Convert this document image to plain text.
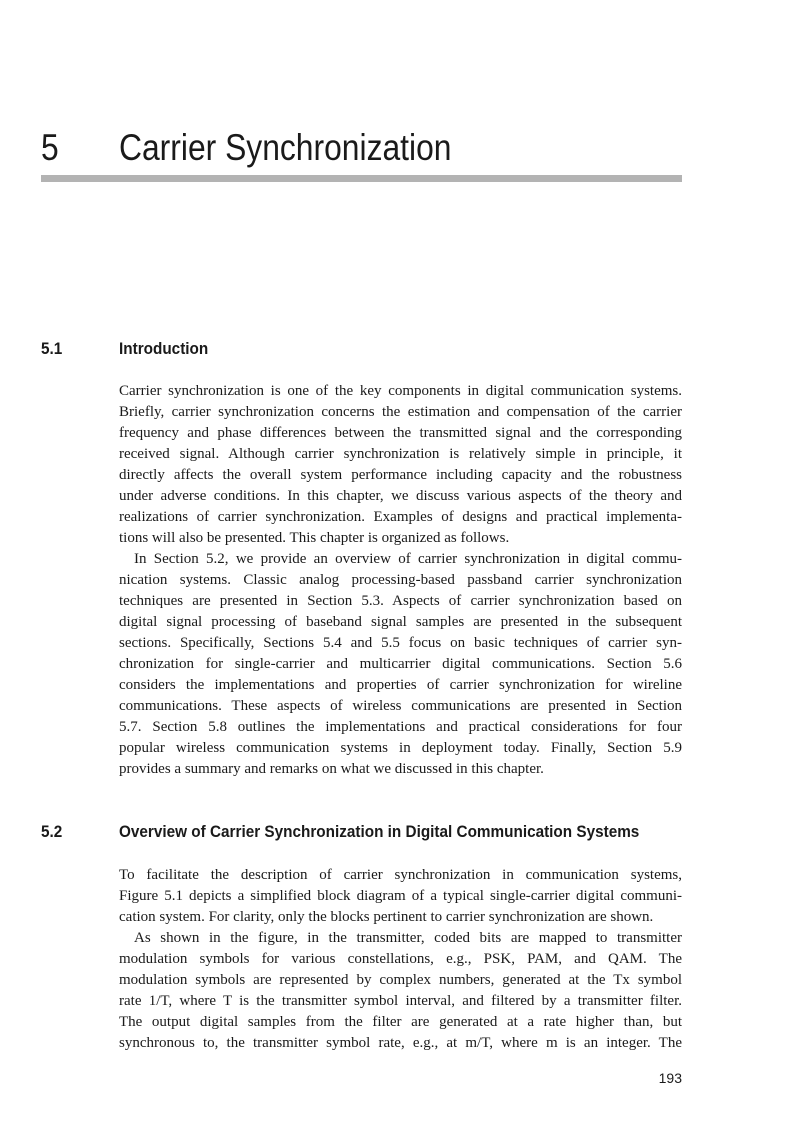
5 Carrier Synchronization
5.1	Introduction
Carrier synchronization is one of the key components in digital communication systems.
Briefly, carrier synchronization concerns the estimation and compensation of the carrier
frequency and phase differences between the transmitted signal and the corresponding
received signal. Although carrier synchronization is relatively simple in principle, it
directly affects the overall system performance including capacity and the robustness
under adverse conditions. In this chapter, we discuss various aspects of the theory and
realizations of carrier synchronization. Examples of designs and practical implementa-
tions will also be presented. This chapter is organized as follows.
In Section 5.2, we provide an overview of carrier synchronization in digital commu-
nication systems. Classic analog processing-based passband carrier synchronization
techniques are presented in Section 5.3. Aspects of carrier synchronization based on
digital signal processing of baseband signal samples are presented in the subsequent
sections. Specifically, Sections 5.4 and 5.5 focus on basic techniques of carrier syn-
chronization for single-carrier and multicarrier digital communications. Section 5.6
considers the implementations and properties of carrier synchronization for wireline
communications. These aspects of wireless communications are presented in Section
5.7. Section 5.8 outlines the implementations and practical considerations for four
popular wireless communication systems in deployment today. Finally, Section 5.9
provides a summary and remarks on what we discussed in this chapter.
5.2	Overview of Carrier Synchronization in Digital Communication Systems
To facilitate the description of carrier synchronization in communication systems,
Figure 5.1 depicts a simplified block diagram of a typical single-carrier digital communi-
cation system. For clarity, only the blocks pertinent to carrier synchronization are shown.
As shown in the figure, in the transmitter, coded bits are mapped to transmitter
modulation symbols for various constellations, e.g., PSK, PAM, and QAM. The
modulation symbols are represented by complex numbers, generated at the Tx symbol
rate 1/T, where T is the transmitter symbol interval, and filtered by a transmitter filter.
The output digital samples from the filter are generated at a rate higher than, but
synchronous to, the transmitter symbol rate, e.g., at m/T, where m is an integer. The
193
